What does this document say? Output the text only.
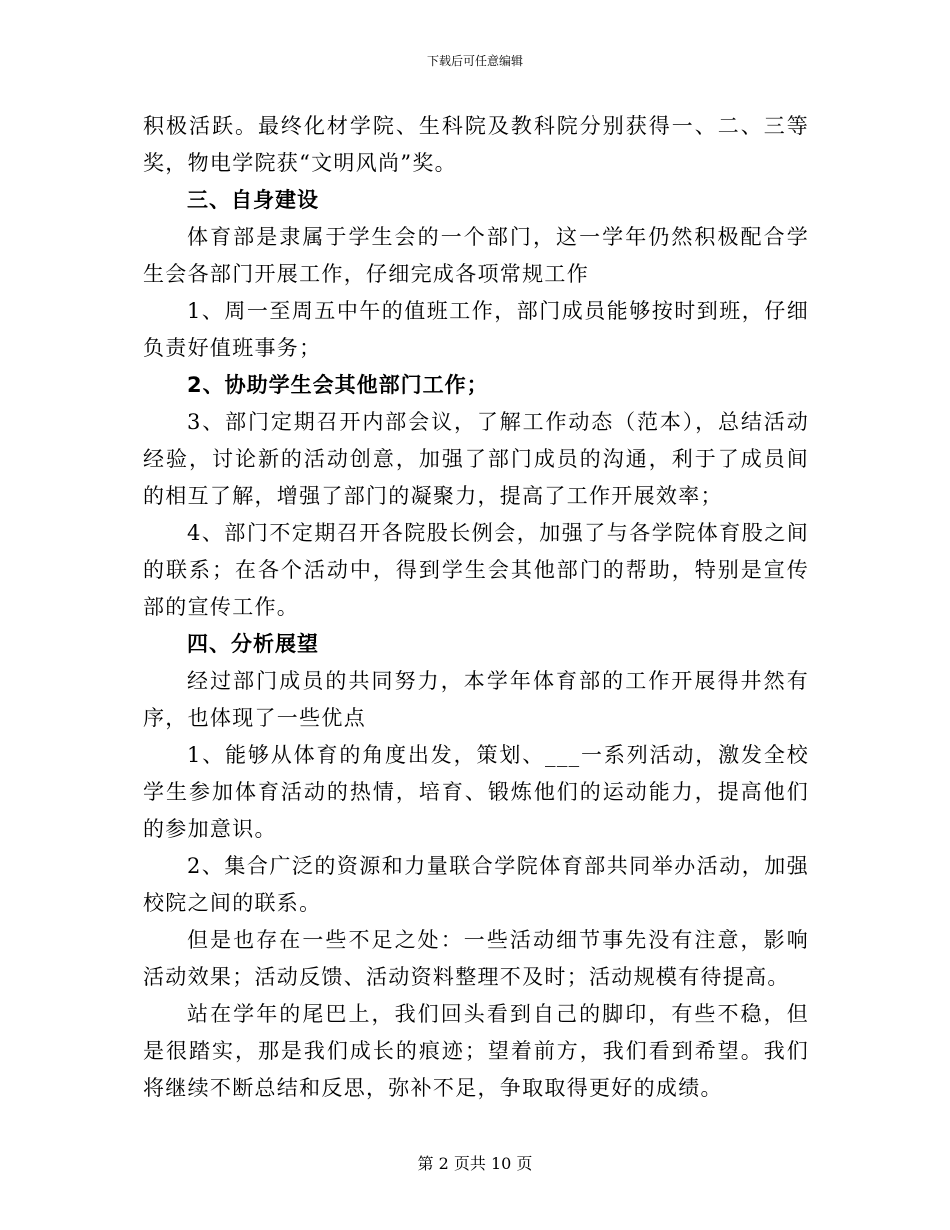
下载后可任意编辑

积极活跃。最终化材学院、生科院及教科院分别获得一、二、三等奖，物电学院获“文明风尚”奖。

三、自身建设

体育部是隶属于学生会的一个部门，这一学年仍然积极配合学生会各部门开展工作，仔细完成各项常规工作

1、周一至周五中午的值班工作，部门成员能够按时到班，仔细负责好值班事务；

2、协助学生会其他部门工作；

3、部门定期召开内部会议，了解工作动态（范本），总结活动经验，讨论新的活动创意，加强了部门成员的沟通，利于了成员间的相互了解，增强了部门的凝聚力，提高了工作开展效率；

4、部门不定期召开各院股长例会，加强了与各学院体育股之间的联系；在各个活动中，得到学生会其他部门的帮助，特别是宣传部的宣传工作。

四、分析展望

经过部门成员的共同努力，本学年体育部的工作开展得井然有序，也体现了一些优点

1、能够从体育的角度出发，策划、___一系列活动，激发全校学生参加体育活动的热情，培育、锻炼他们的运动能力，提高他们的参加意识。

2、集合广泛的资源和力量联合学院体育部共同举办活动，加强校院之间的联系。

但是也存在一些不足之处：一些活动细节事先没有注意，影响活动效果；活动反馈、活动资料整理不及时；活动规模有待提高。

站在学年的尾巴上，我们回头看到自己的脚印，有些不稳，但是很踏实，那是我们成长的痕迹；望着前方，我们看到希望。我们将继续不断总结和反思，弥补不足，争取取得更好的成绩。

第 2 页共 10 页
